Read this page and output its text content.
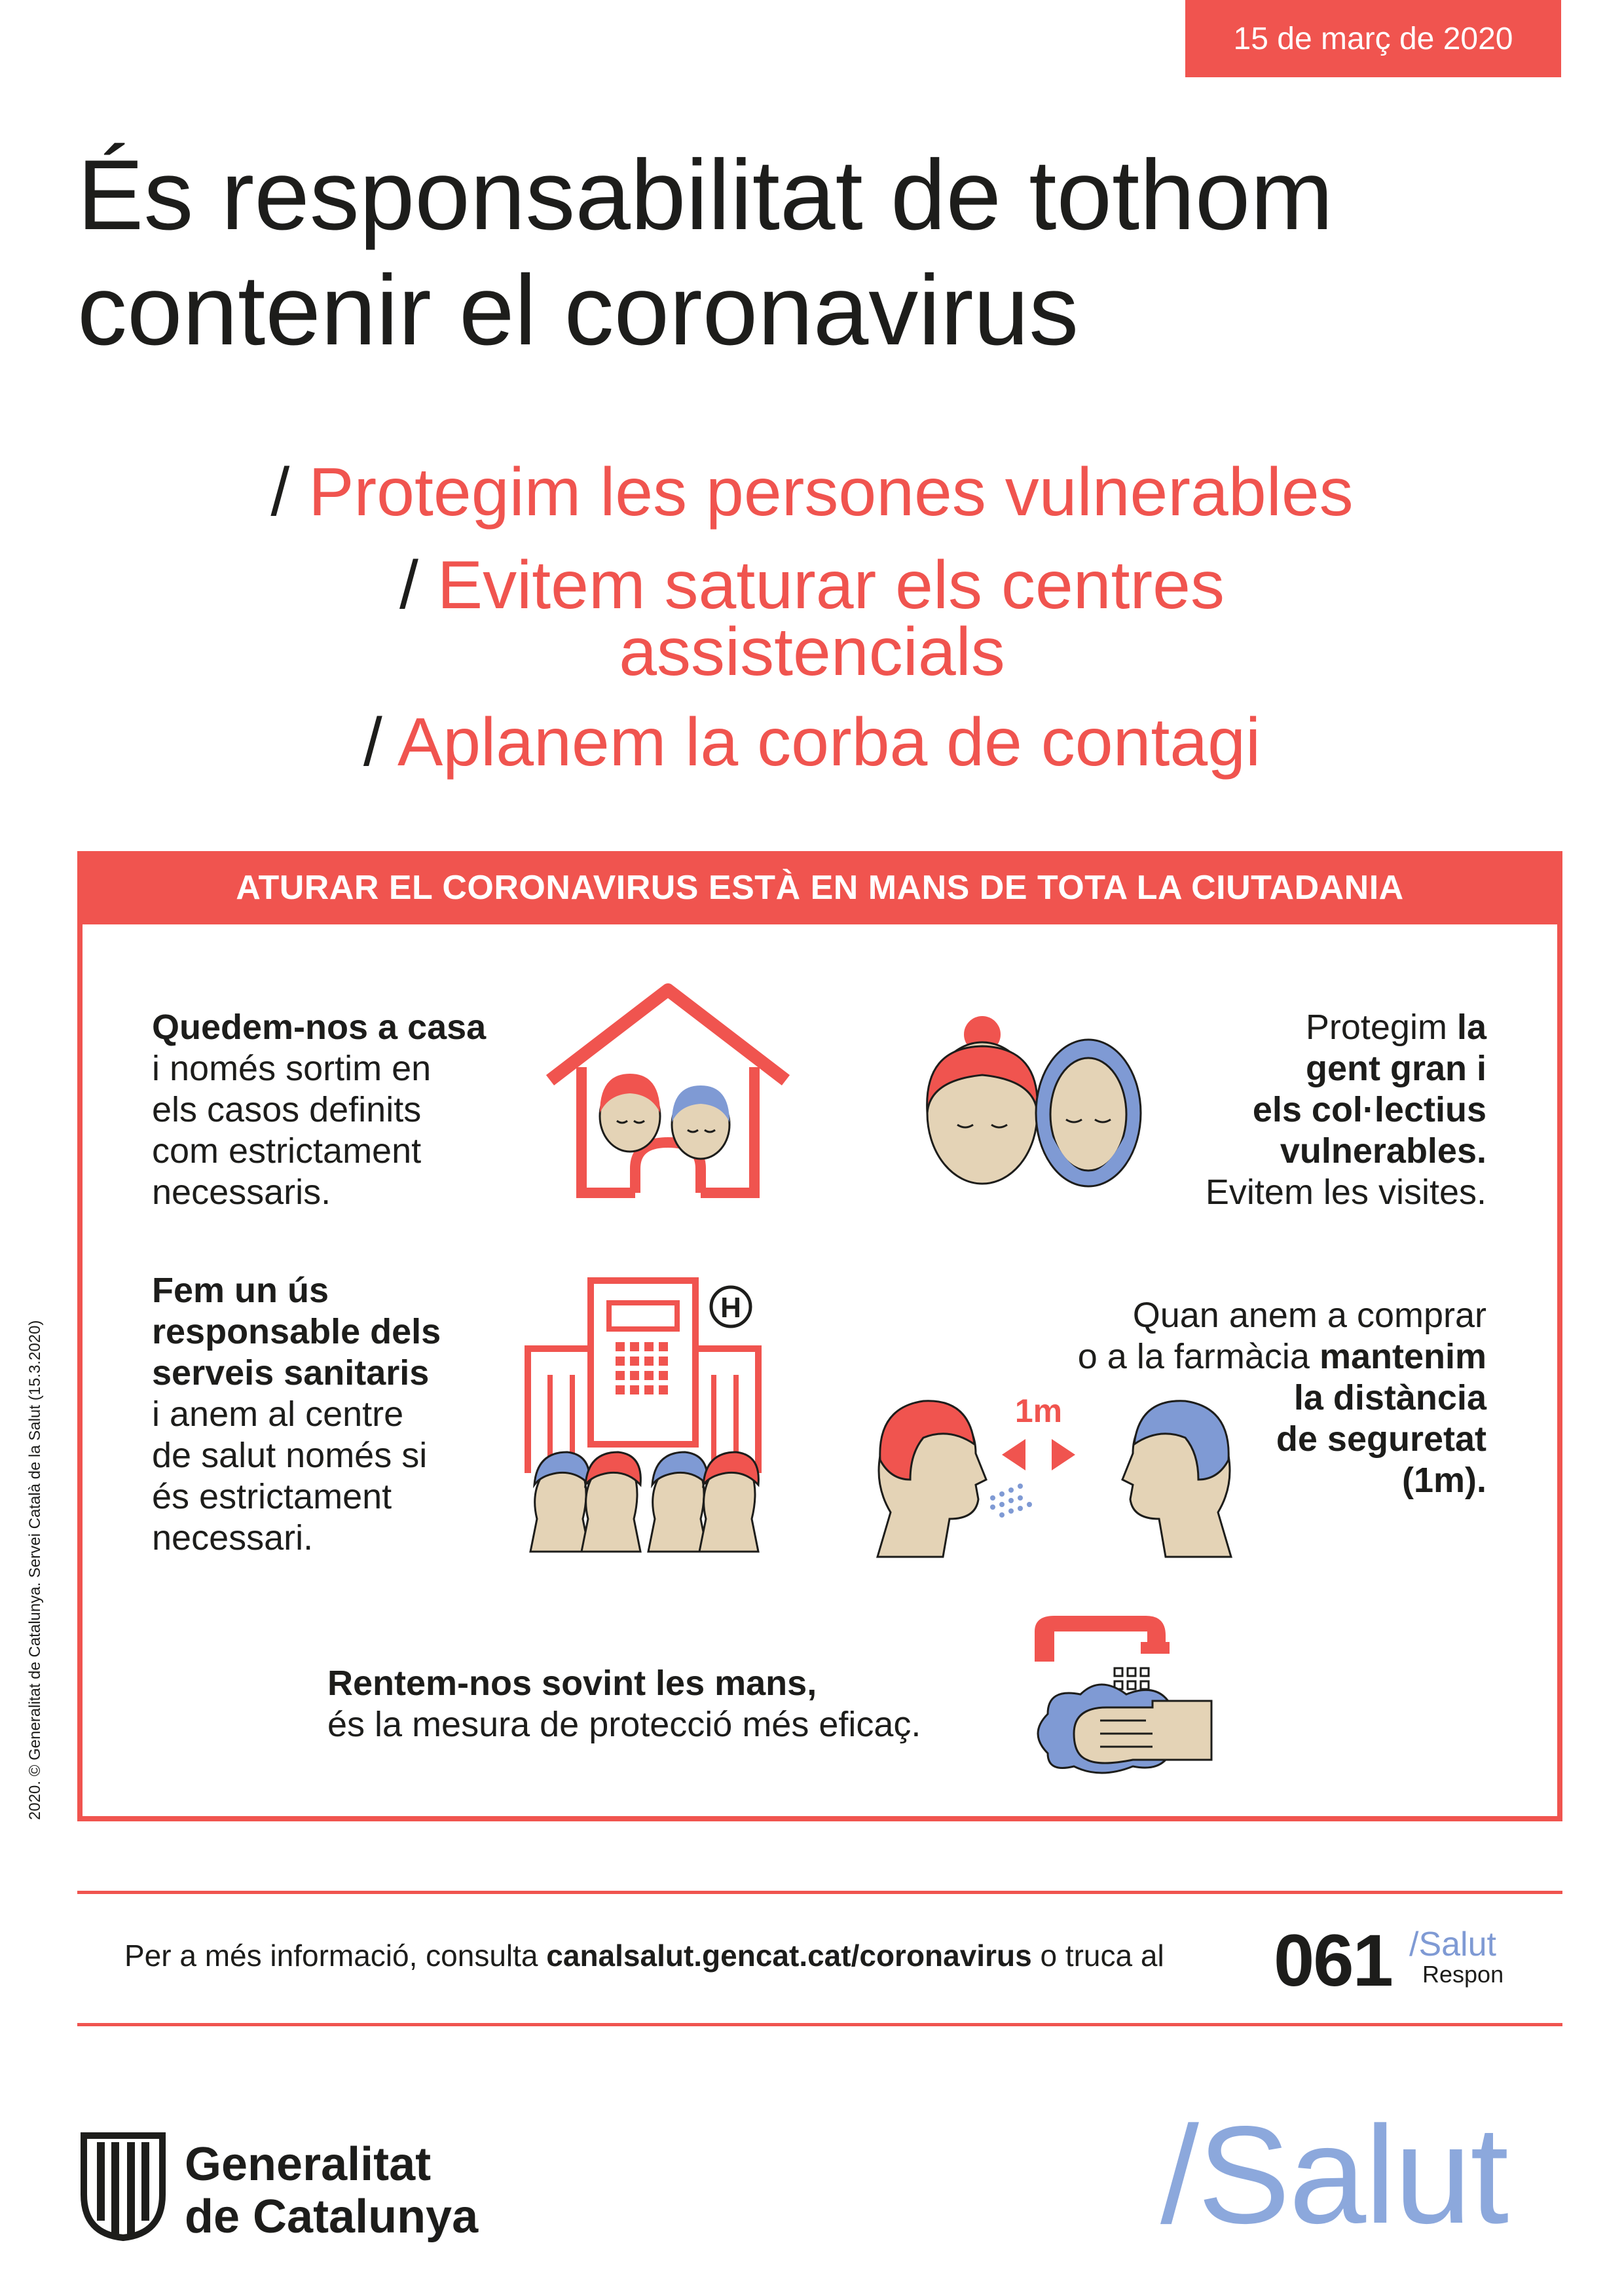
15 de març de 2020
És responsabilitat de tothom
contenir el coronavirus
/ Protegim les persones vulnerables
/ Evitem saturar els centres
assistencials
/ Aplanem la corba de contagi
ATURAR EL CORONAVIRUS ESTÀ EN MANS DE TOTA LA CIUTADANIA
Quedem-nos a casa
i només sortim en
els casos definits
com estrictament
necessaris.
Protegim la
gent gran i
els col·lectius
vulnerables.
Evitem les visites.
Fem un ús
responsable dels
serveis sanitaris
i anem al centre
de salut només si
és estrictament
necessari.
H	Quan anem a comprar
o a la farmàcia mantenim
la distància
de seguretat
(1m).
1m
Rentem-nos sovint les mans,
és la mesura de protecció més eficaç.
2020. © Generalitat de Catalunya. Servei Català de la Salut (15.3.2020)
Per a més informació, consulta canalsalut.gencat.cat/coronavirus o truca al 061 /Salut
Respon
Generalitat
de Catalunya	/Salut
